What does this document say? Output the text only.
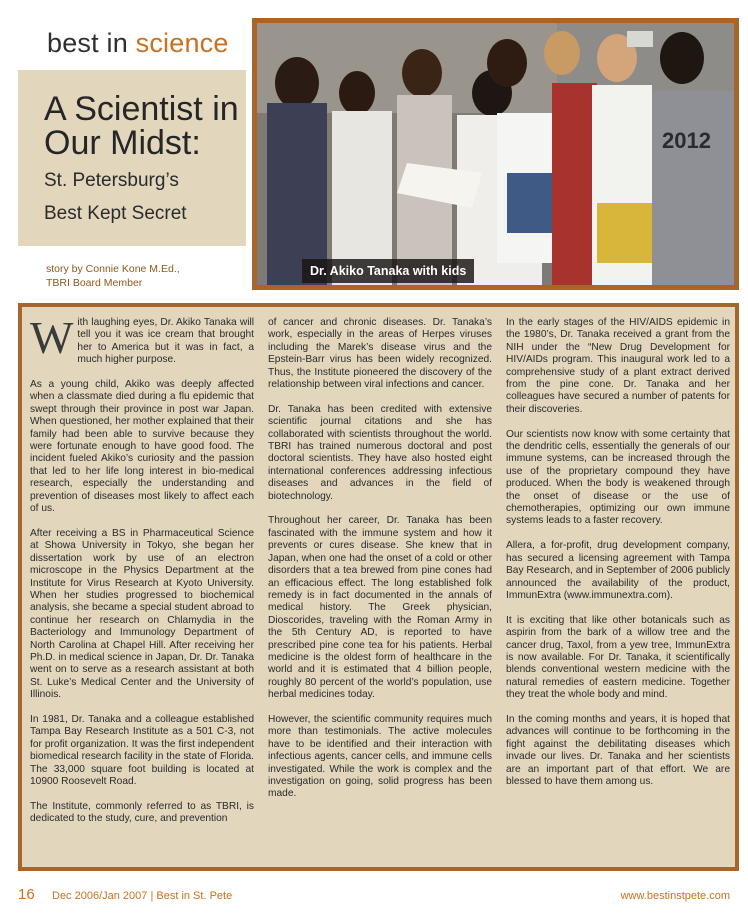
best in science
A Scientist in Our Midst:
St. Petersburg’s
Best Kept Secret
story by Connie Kone M.Ed.,
TBRI Board Member
2012
Dr. Akiko Tanaka with kids

With laughing eyes, Dr. Akiko Tanaka will tell you it was ice cream that brought her to America but it was in fact, a much higher purpose.

As a young child, Akiko was deeply affected when a classmate died during a flu epidemic that swept through their province in post war Japan. When questioned, her mother explained that their family had been able to survive because they were fortunate enough to have good food. The incident fueled Akiko’s curiosity and the passion that led to her life long interest in bio-medical research, especially the understanding and prevention of diseases most likely to affect each of us.

After receiving a BS in Pharmaceutical Science at Showa University in Tokyo, she began her dissertation work by use of an electron microscope in the Physics Department at the Institute for Virus Research at Kyoto University. When her studies progressed to biochemical analysis, she became a special student abroad to continue her research on Chlamydia in the Bacteriology and Immunology Department of North Carolina at Chapel Hill. After receiving her Ph.D. in medical science in Japan, Dr. Dr. Tanaka went on to serve as a research assistant at both St. Luke’s Medical Center and the University of Illinois.

In 1981, Dr. Tanaka and a colleague established Tampa Bay Research Institute as a 501 C-3, not for profit organization. It was the first independent biomedical research facility in the state of Florida. The 33,000 square foot building is located at 10900 Roosevelt Road.

The Institute, commonly referred to as TBRI, is dedicated to the study, cure, and prevention

of cancer and chronic diseases. Dr. Tanaka’s work, especially in the areas of Herpes viruses including the Marek’s disease virus and the Epstein-Barr virus has been widely recognized. Thus, the Institute pioneered the discovery of the relationship between viral infections and cancer.

Dr. Tanaka has been credited with extensive scientific journal citations and she has collaborated with scientists throughout the world. TBRI has trained numerous doctoral and post doctoral scientists. They have also hosted eight international conferences addressing infectious diseases and advances in the field of biotechnology.

Throughout her career, Dr. Tanaka has been fascinated with the immune system and how it prevents or cures disease. She knew that in Japan, when one had the onset of a cold or other disorders that a tea brewed from pine cones had an efficacious effect. The long established folk remedy is in fact documented in the annals of medical history. The Greek physician, Dioscorides, traveling with the Roman Army in the 5th Century AD, is reported to have prescribed pine cone tea for his patients. Herbal medicine is the oldest form of healthcare in the world and it is estimated that 4 billion people, roughly 80 percent of the world’s population, use herbal medicines today.

However, the scientific community requires much more than testimonials. The active molecules have to be identified and their interaction with infectious agents, cancer cells, and immune cells investigated. While the work is complex and the investigation on going, solid progress has been made.

In the early stages of the HIV/AIDS epidemic in the 1980’s, Dr. Tanaka received a grant from the NIH under the “New Drug Development for HIV/AIDs program. This inaugural work led to a comprehensive study of a plant extract derived from the pine cone. Dr. Tanaka and her colleagues have secured a number of patents for their discoveries.

Our scientists now know with some certainty that the dendritic cells, essentially the generals of our immune systems, can be increased through the use of the proprietary compound they have produced. When the body is weakened through the onset of disease or the use of chemotherapies, optimizing our own immune systems leads to a faster recovery.

Allera, a for-profit, drug development company, has secured a licensing agreement with Tampa Bay Research, and in September of 2006 publicly announced the availability of the product, ImmunExtra (www.immunextra.com).

It is exciting that like other botanicals such as aspirin from the bark of a willow tree and the cancer drug, Taxol, from a yew tree, ImmunExtra is now available. For Dr. Tanaka, it scientifically blends conventional western medicine with the natural remedies of eastern medicine. Together they treat the whole body and mind.

In the coming months and years, it is hoped that advances will continue to be forthcoming in the fight against the debilitating diseases which invade our lives. Dr. Tanaka and her scientists are an important part of that effort. We are blessed to have them among us.

16 Dec 2006/Jan 2007 | Best in St. Pete	www.bestinstpete.com
